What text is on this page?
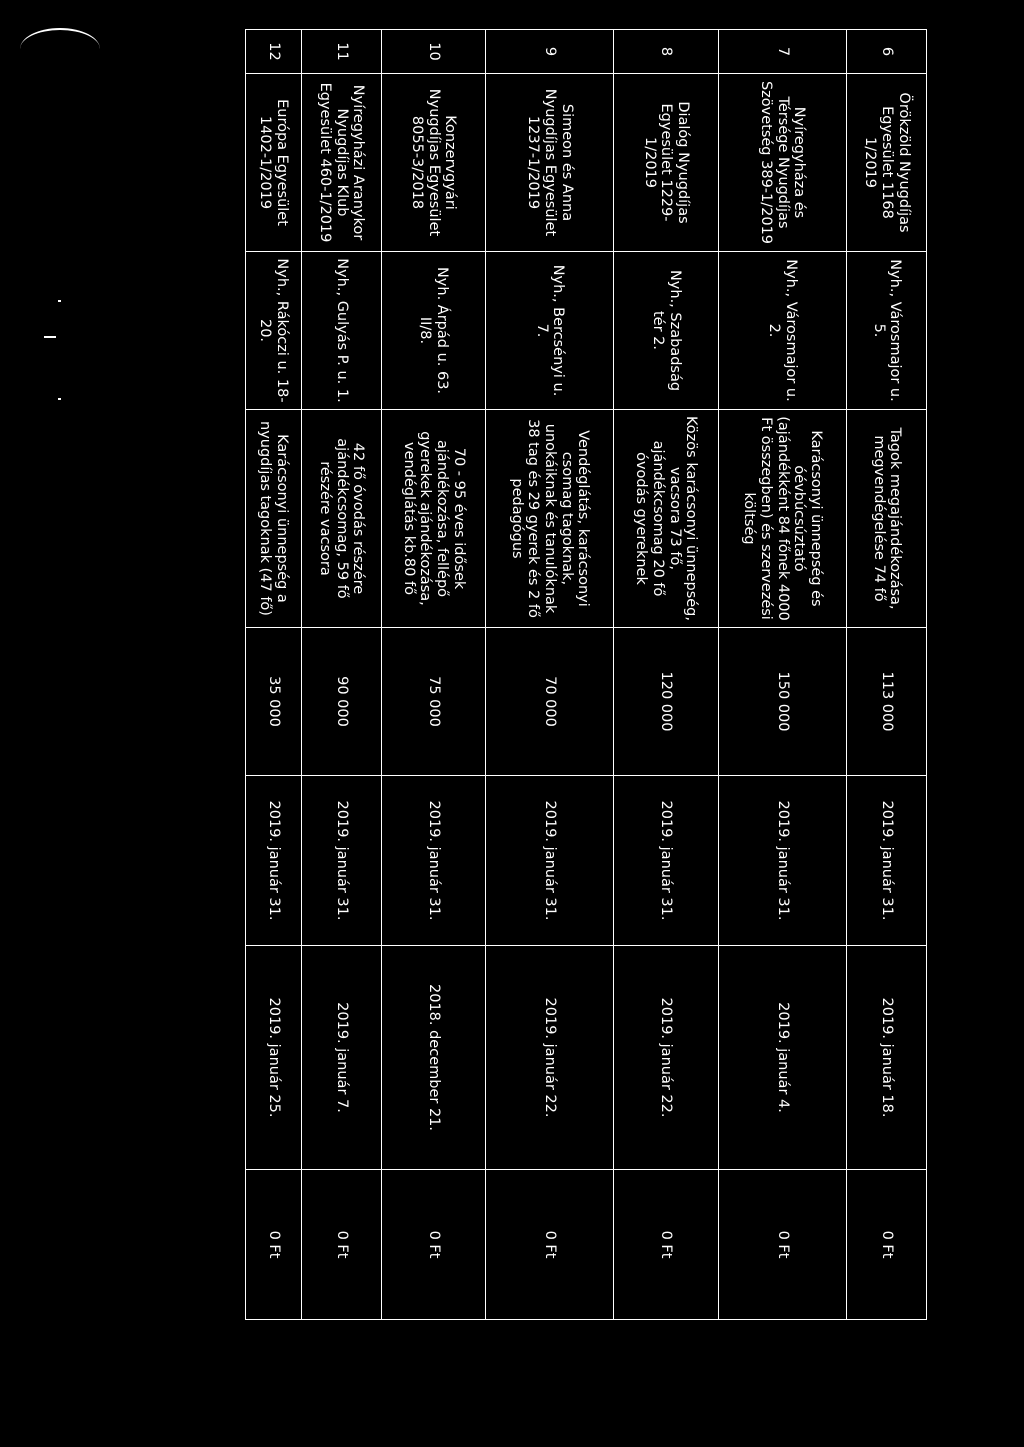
6	Örökzöld Nyugdíjas Egyesület 1168 1/2019	Nyh., Városmajor u. 5.	Tagok megajándékozása, megvendégelése 74 fő	113 000	2019. január 31.	2019. január 18.	0 Ft
7	Nyíregyháza és Térsége Nyugdíjas Szövetség 389-1/2019	Nyh., Városmajor u. 2.	Karácsonyi ünnepség és óévbúcsúztató (ajándékként 84 főnek 4000 Ft összegben) és szervezési költség	150 000	2019. január 31.	2019. január 4.	0 Ft
8	Dialóg Nyugdíjas Egyesület 1229-1/2019	Nyh., Szabadság tér 2.	Közös karácsonyi ünnepség, vacsora 73 fő, ajándékcsomag 20 fő óvodás gyereknek	120 000	2019. január 31.	2019. január 22.	0 Ft
9	Simeon és Anna Nyugdíjas Egyesület 1237-1/2019	Nyh., Bercsényi u. 7.	Vendéglátás, karácsonyi csomag tagoknak, unokáiknak és tanulóknak 38 tag és 29 gyerek és 2 fő pedagógus	70 000	2019. január 31.	2019. január 22.	0 Ft
10	Konzervgyári Nyugdíjas Egyesület 8055-3/2018	Nyh. Árpád u. 63. II/8.	70 - 95 éves idősek ajándékozása, fellépő gyerekek ajándékozása, vendéglátás kb.80 fő	75 000	2019. január 31.	2018. december 21.	0 Ft
11	Nyíregyházi Aranykor Nyugdíjas Klub Egyesület 460-1/2019	Nyh., Gulyás P. u. 1.	42 fő óvodás részére ajándékcsomag, 59 fő részére vacsora	90 000	2019. január 31.	2019. január 7.	0 Ft
12	Európa Egyesület 1402-1/2019	Nyh., Rákóczi u. 18-20.	Karácsonyi ünnepség a nyugdíjas tagoknak (47 fő)	35 000	2019. január 31.	2019. január 25.	0 Ft
